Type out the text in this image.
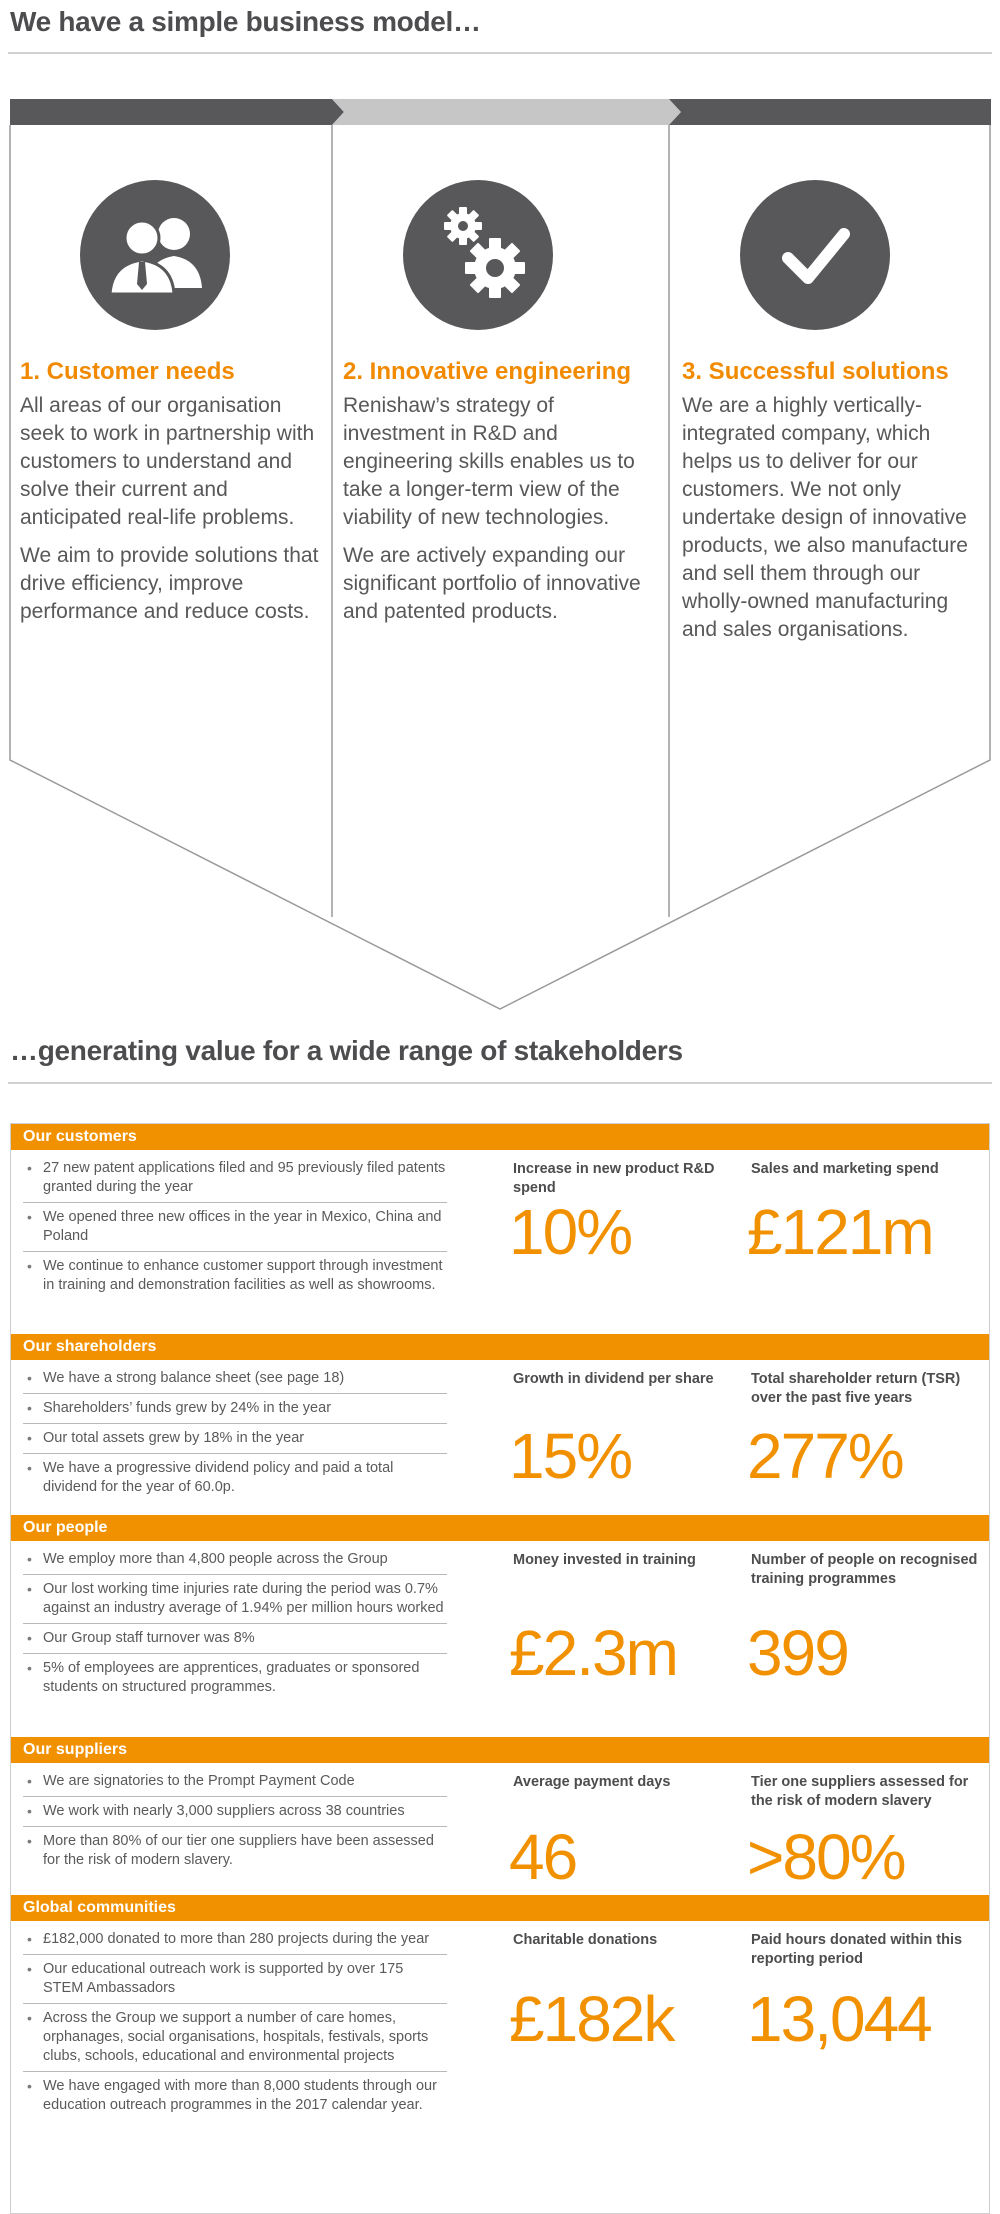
We have a simple business model…
1. Customer needs

All areas of our organisation seek to work in partnership with customers to understand and solve their current and anticipated real-life problems.

We aim to provide solutions that drive efficiency, improve performance and reduce costs.

2. Innovative engineering

Renishaw’s strategy of investment in R&D and engineering skills enables us to take a longer-term view of the viability of new technologies.

We are actively expanding our significant portfolio of innovative and patented products.

3. Successful solutions

We are a highly vertically-integrated company, which helps us to deliver for our customers. We not only undertake design of innovative products, we also manufacture and sell them through our wholly-owned manufacturing and sales organisations.

…generating value for a wide range of stakeholders
Our customers
• 27 new patent applications filed and 95 previously filed patents granted during the year
• We opened three new offices in the year in Mexico, China and Poland
• We continue to enhance customer support through investment in training and demonstration facilities as well as showrooms.
Increase in new product R&D spend
10%
Sales and marketing spend
£121m
Our shareholders
• We have a strong balance sheet (see page 18)
• Shareholders’ funds grew by 24% in the year
• Our total assets grew by 18% in the year
• We have a progressive dividend policy and paid a total dividend for the year of 60.0p.
Growth in dividend per share
15%
Total shareholder return (TSR) over the past five years
277%
Our people
• We employ more than 4,800 people across the Group
• Our lost working time injuries rate during the period was 0.7% against an industry average of 1.94% per million hours worked
• Our Group staff turnover was 8%
• 5% of employees are apprentices, graduates or sponsored students on structured programmes.
Money invested in training
£2.3m
Number of people on recognised training programmes
399
Our suppliers
• We are signatories to the Prompt Payment Code
• We work with nearly 3,000 suppliers across 38 countries
• More than 80% of our tier one suppliers have been assessed for the risk of modern slavery.
Average payment days
46
Tier one suppliers assessed for the risk of modern slavery
>80%
Global communities
• £182,000 donated to more than 280 projects during the year
• Our educational outreach work is supported by over 175 STEM Ambassadors
• Across the Group we support a number of care homes, orphanages, social organisations, hospitals, festivals, sports clubs, schools, educational and environmental projects
• We have engaged with more than 8,000 students through our education outreach programmes in the 2017 calendar year.
Charitable donations
£182k
Paid hours donated within this reporting period
13,044
